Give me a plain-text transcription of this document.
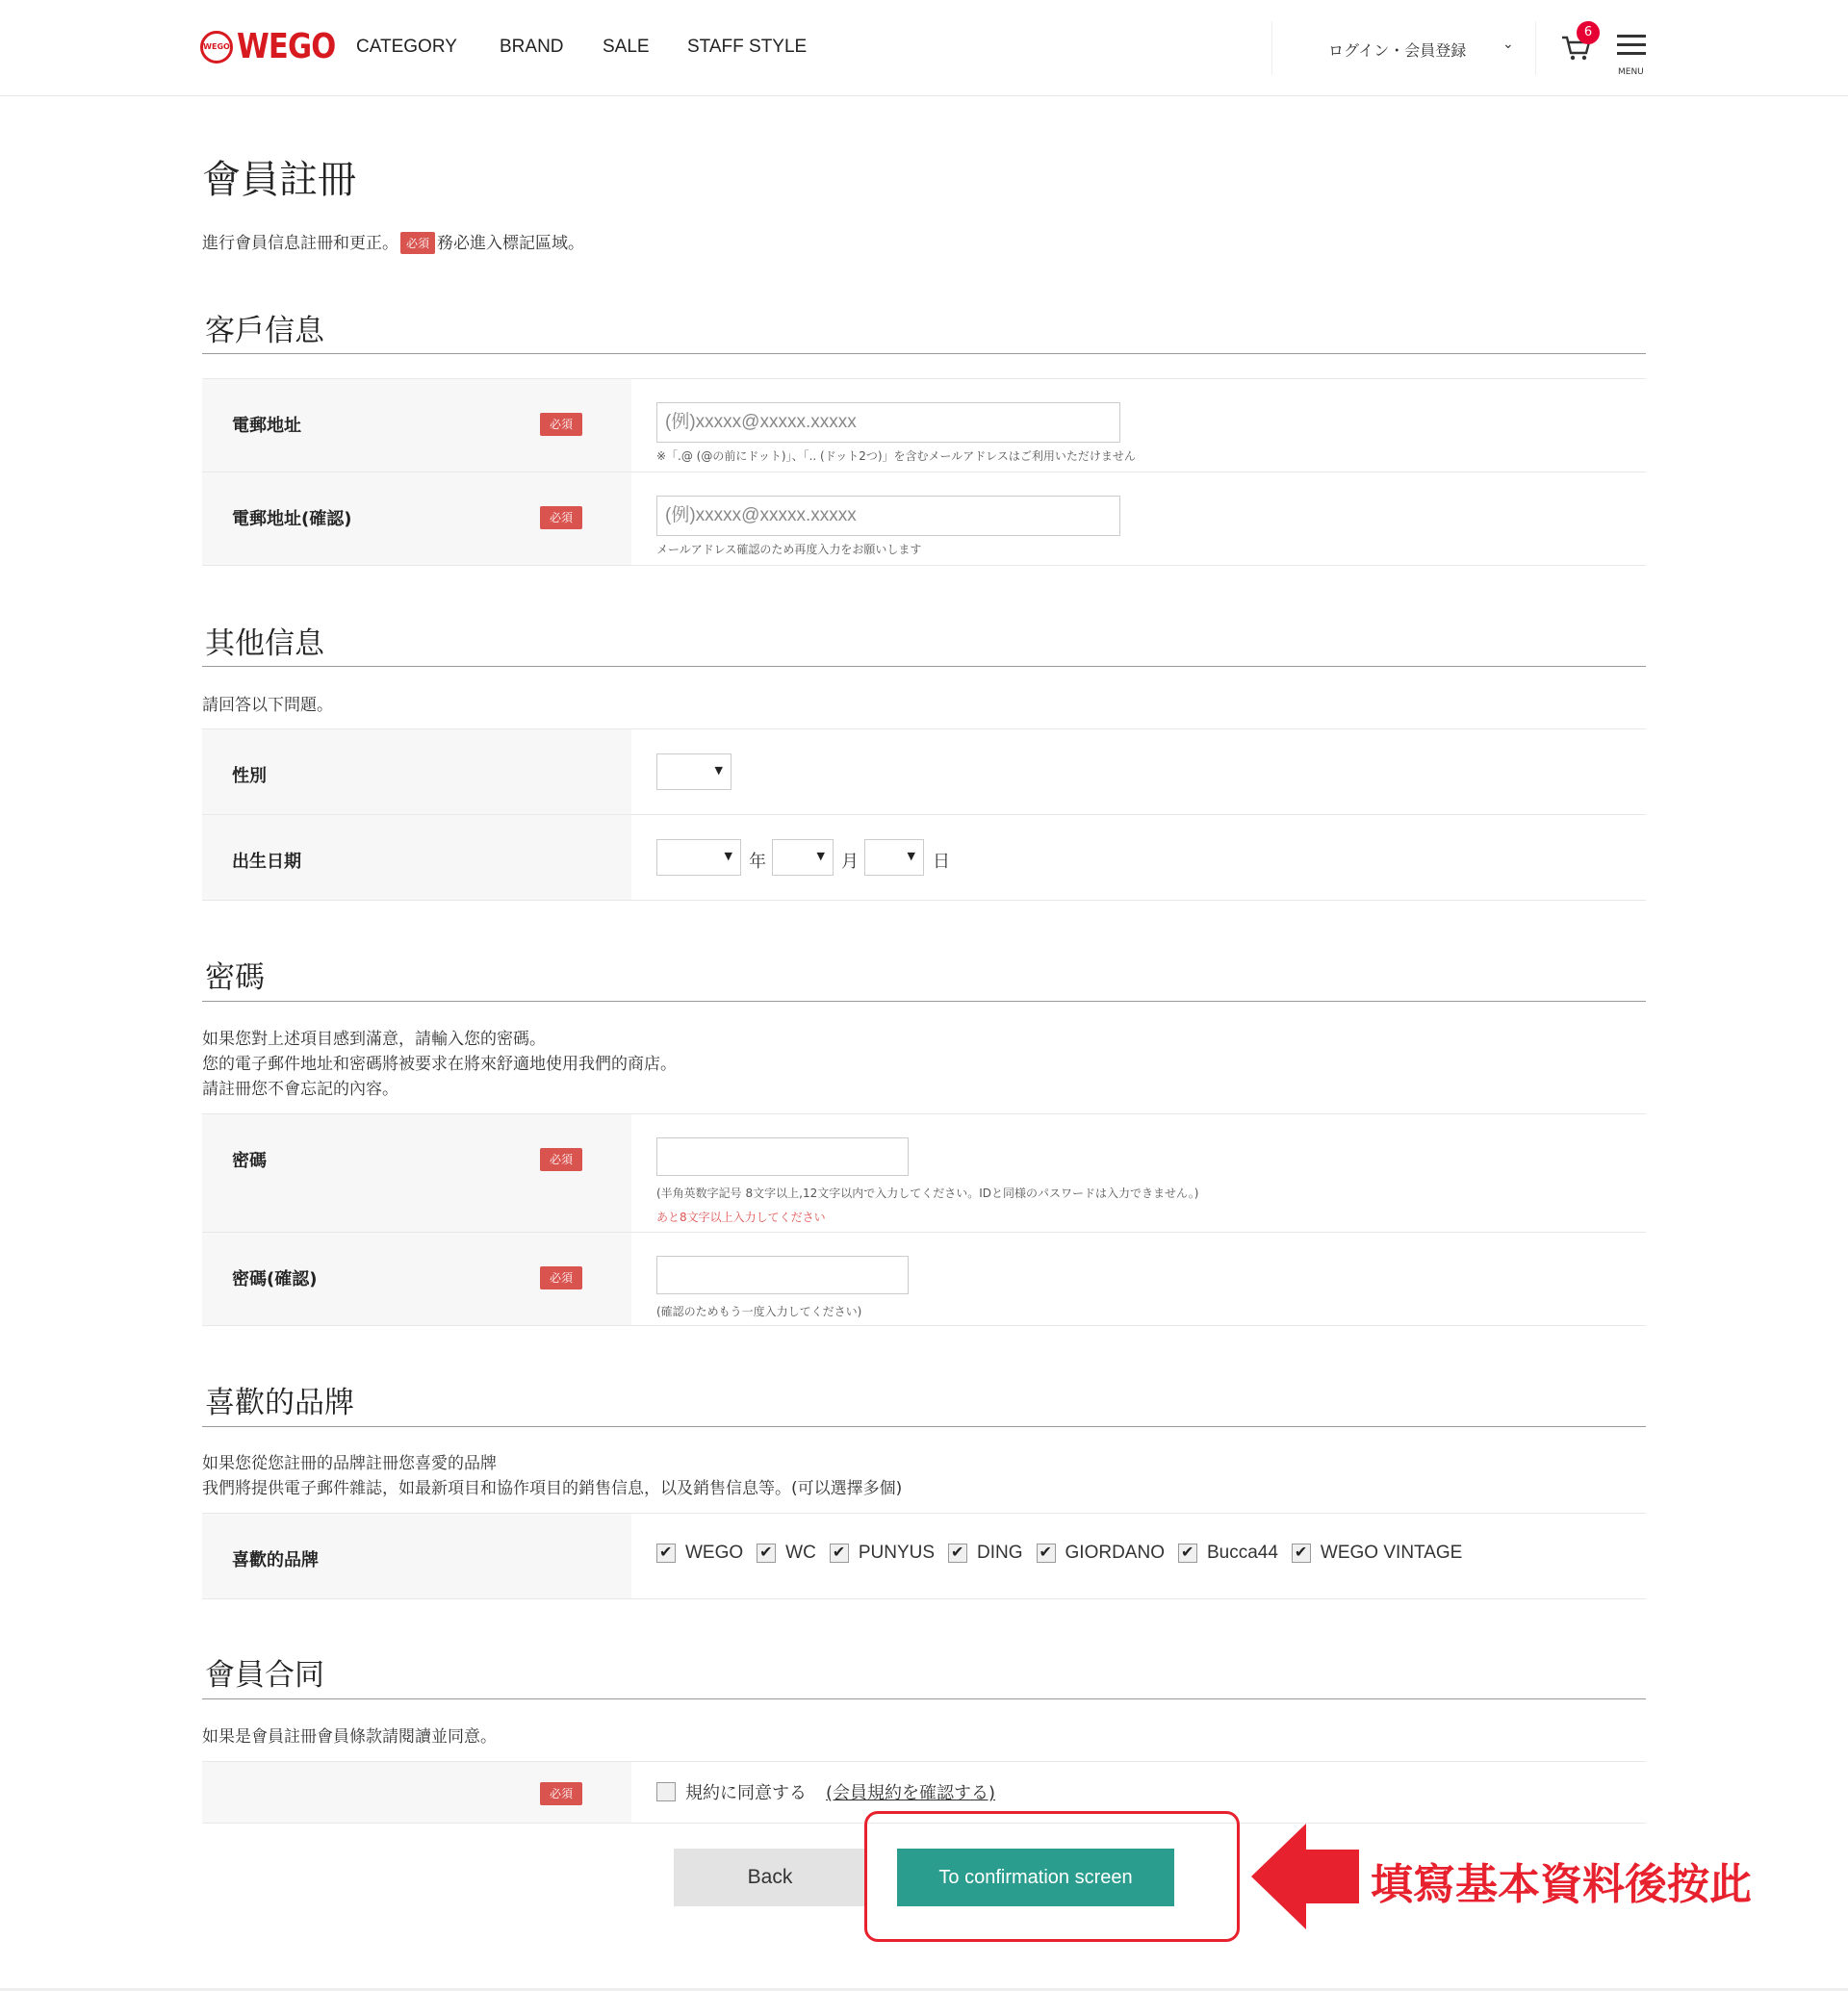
WEGO WEGO CATEGORY BRAND SALE STAFF STYLE	ログイン・会員登録	⌄
6
MENU
會員註冊
進行會員信息註冊和更正。 必須 務必進入標記區域。
客戶信息
電郵地址	必須	(例)xxxxx@xxxxx.xxxxx
※「.@ (@の前にドット)」、「.. (ドット2つ)」を含むメールアドレスはご利用いただけません
電郵地址(確認)	必須	(例)xxxxx@xxxxx.xxxxx
メールアドレス確認のため再度入力をお願いします
其他信息
請回答以下問題。
性別	▼
出生日期	▼ 年	▼ 月	▼ 日
密碼
如果您對上述項目感到滿意，請輸入您的密碼。
您的電子郵件地址和密碼將被要求在將來舒適地使用我們的商店。
請註冊您不會忘記的內容。
密碼	必須
(半角英数字記号 8文字以上,12文字以内で入力してください。IDと同様のパスワードは入力できません。)
あと8文字以上入力してください
密碼(確認)	必須
(確認のためもう一度入力してください)
喜歡的品牌
如果您從您註冊的品牌註冊您喜愛的品牌
我們將提供電子郵件雜誌，如最新項目和協作項目的銷售信息，以及銷售信息等。(可以選擇多個)
喜歡的品牌 ✔	WEGO ✔ WC ✔ PUNYUS ✔ DING ✔ GIORDANO ✔ Bucca44 ✔ WEGO VINTAGE
會員合同
如果是會員註冊會員條款請閱讀並同意。
必須	規約に同意する (会員規約を確認する)
Back	To confirmation screen	填寫基本資料後按此
